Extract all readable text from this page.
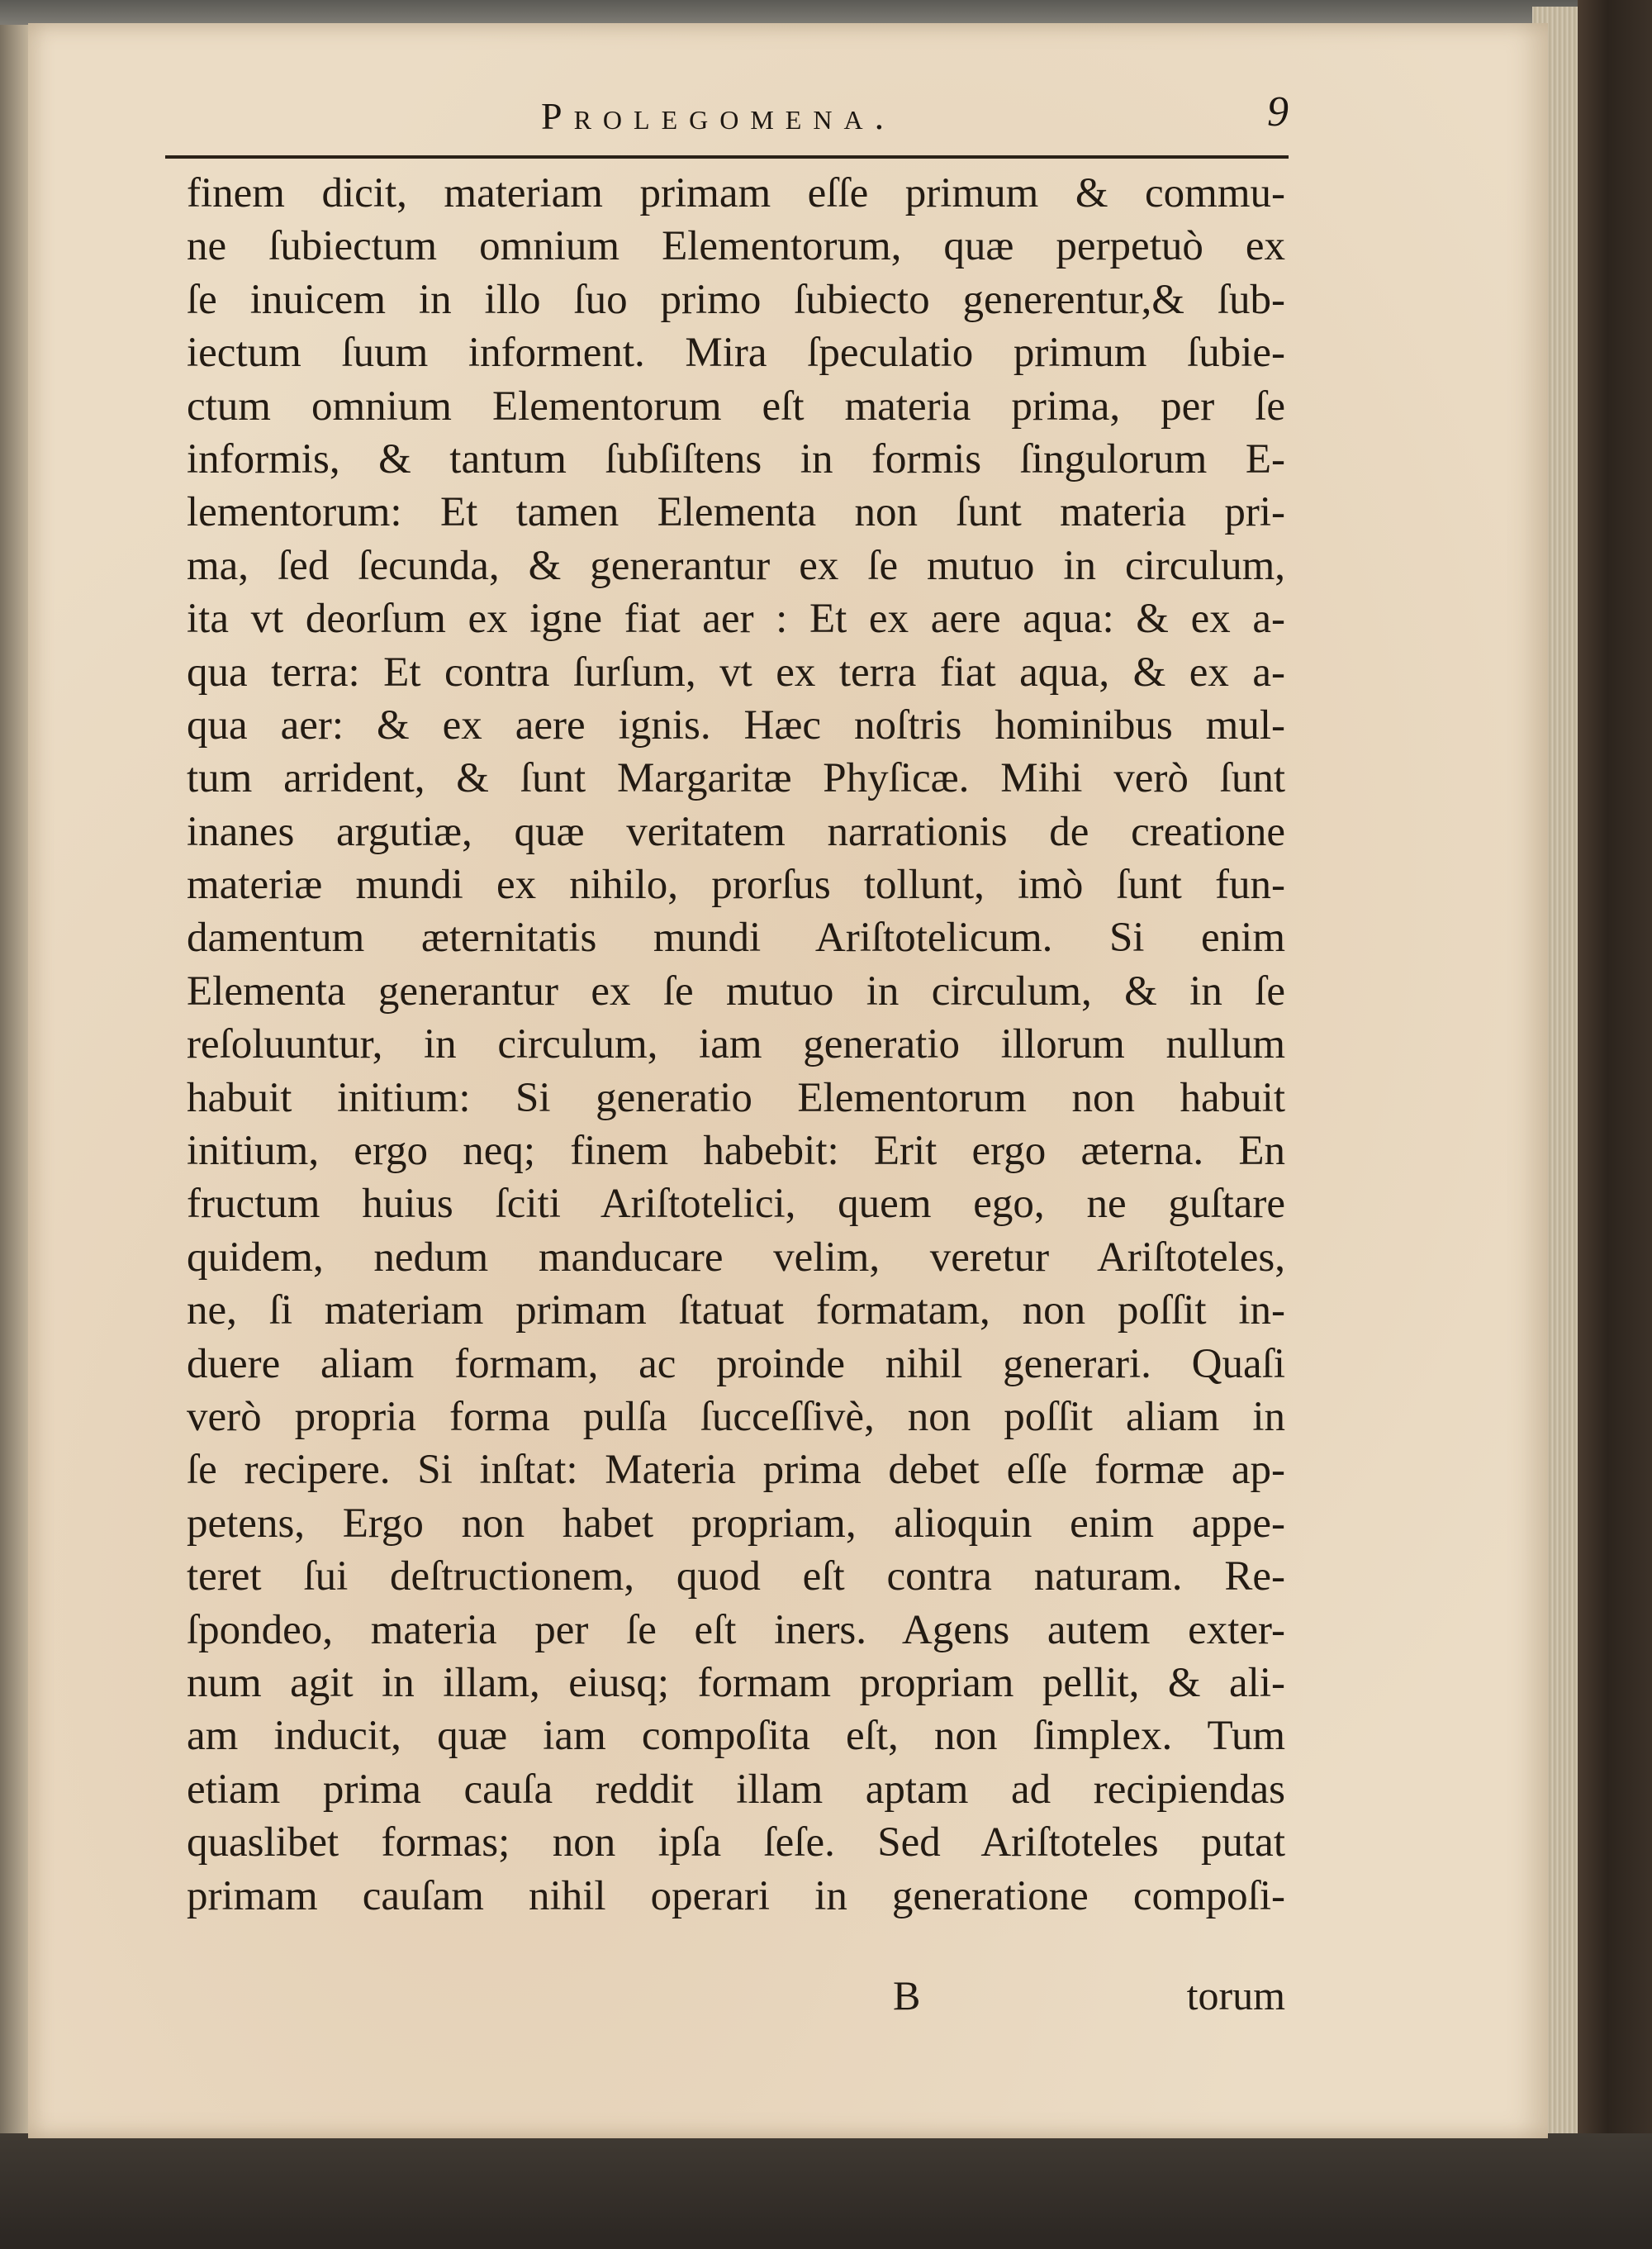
Prolegomena.	9
finem dicit, materiam primam eſſe primum & commu-
ne ſubiectum omnium Elementorum, quæ perpetuò ex
ſe inuicem in illo ſuo primo ſubiecto generentur,& ſub-
iectum ſuum informent. Mira ſpeculatio primum ſubie-
ctum omnium Elementorum eſt materia prima, per ſe
informis, & tantum ſubſiſtens in formis ſingulorum E-
lementorum: Et tamen Elementa non ſunt materia pri-
ma, ſed ſecunda, & generantur ex ſe mutuo in circulum,
ita vt deorſum ex igne fiat aer : Et ex aere aqua: & ex a-
qua terra: Et contra ſurſum, vt ex terra fiat aqua, & ex a-
qua aer: & ex aere ignis. Hæc noſtris hominibus mul-
tum arrident, & ſunt Margaritæ Phyſicæ. Mihi verò ſunt
inanes argutiæ, quæ veritatem narrationis de creatione
materiæ mundi ex nihilo, prorſus tollunt, imò ſunt fun-
damentum æternitatis mundi Ariſtotelicum. Si enim
Elementa generantur ex ſe mutuo in circulum, & in ſe
reſoluuntur, in circulum, iam generatio illorum nullum
habuit initium: Si generatio Elementorum non habuit
initium, ergo neq; finem habebit: Erit ergo æterna. En
fructum huius ſciti Ariſtotelici, quem ego, ne guſtare
quidem, nedum manducare velim, veretur Ariſtoteles,
ne, ſi materiam primam ſtatuat formatam, non poſſit in-
duere aliam formam, ac proinde nihil generari. Quaſi
verò propria forma pulſa ſucceſſivè, non poſſit aliam in
ſe recipere. Si inſtat: Materia prima debet eſſe formæ ap-
petens, Ergo non habet propriam, alioquin enim appe-
teret ſui deſtructionem, quod eſt contra naturam. Re-
ſpondeo, materia per ſe eſt iners. Agens autem exter-
num agit in illam, eiusq; formam propriam pellit, & ali-
am inducit, quæ iam compoſita eſt, non ſimplex. Tum
etiam prima cauſa reddit illam aptam ad recipiendas
quaslibet formas; non ipſa ſeſe. Sed Ariſtoteles putat
primam cauſam nihil operari in generatione compoſi-
B	torum
